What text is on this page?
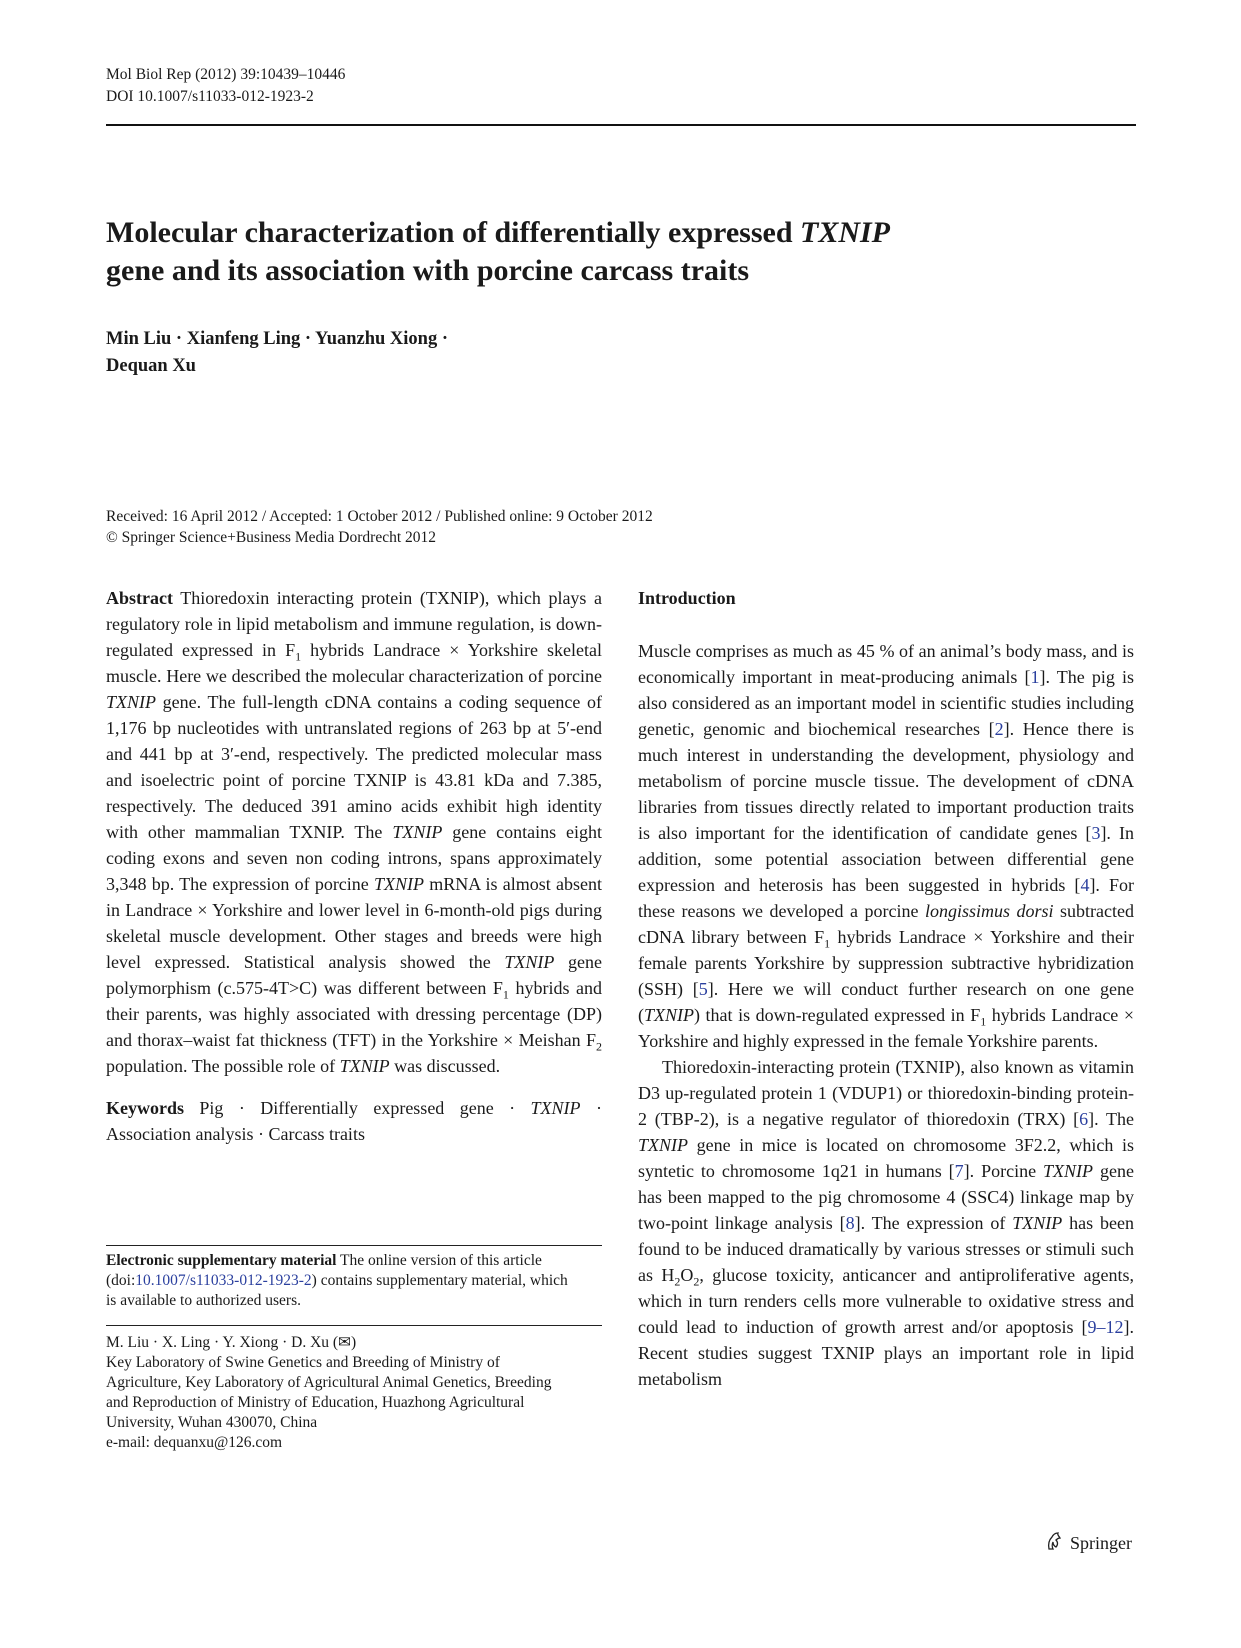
Mol Biol Rep (2012) 39:10439–10446
DOI 10.1007/s11033-012-1923-2
Molecular characterization of differentially expressed TXNIP
gene and its association with porcine carcass traits
Min Liu · Xianfeng Ling · Yuanzhu Xiong ·
Dequan Xu
Received: 16 April 2012 / Accepted: 1 October 2012 / Published online: 9 October 2012
© Springer Science+Business Media Dordrecht 2012

Abstract Thioredoxin interacting protein (TXNIP), which plays a regulatory role in lipid metabolism and immune regulation, is down-regulated expressed in $F_1$ hybrids Landrace × Yorkshire skeletal muscle. Here we described the molecular characterization of porcine TXNIP gene. The full-length cDNA contains a coding sequence of 1,176 bp nucleotides with untranslated regions of 263 bp at 5′-end and 441 bp at 3′-end, respectively. The predicted molecular mass and isoelectric point of porcine TXNIP is 43.81 kDa and 7.385, respectively. The deduced 391 amino acids exhibit high identity with other mammalian TXNIP. The TXNIP gene contains eight coding exons and seven non coding introns, spans approximately 3,348 bp. The expression of porcine TXNIP mRNA is almost absent in Landrace × Yorkshire and lower level in 6-month-old pigs during skeletal muscle development. Other stages and breeds were high level expressed. Statistical analysis showed the TXNIP gene polymorphism (c.575-4T>C) was different between $F_1$ hybrids and their parents, was highly associated with dressing percentage (DP) and thorax–waist fat thickness (TFT) in the Yorkshire × Meishan $F_2$ population. The possible role of TXNIP was discussed.

Keywords Pig · Differentially expressed gene · TXNIP · Association analysis · Carcass traits

Electronic supplementary material The online version of this article (doi:10.1007/s11033-012-1923-2) contains supplementary material, which is available to authorized users.

M. Liu · X. Ling · Y. Xiong · D. Xu (✉)

Key Laboratory of Swine Genetics and Breeding of Ministry of Agriculture, Key Laboratory of Agricultural Animal Genetics, Breeding and Reproduction of Ministry of Education, Huazhong Agricultural University, Wuhan 430070, China

e-mail: dequanxu@126.com

Introduction

Muscle comprises as much as 45 % of an animal’s body mass, and is economically important in meat-producing animals [1]. The pig is also considered as an important model in scientific studies including genetic, genomic and biochemical researches [2]. Hence there is much interest in understanding the development, physiology and metabolism of porcine muscle tissue. The development of cDNA libraries from tissues directly related to important production traits is also important for the identification of candidate genes [3]. In addition, some potential association between differential gene expression and heterosis has been suggested in hybrids [4]. For these reasons we developed a porcine longissimus dorsi subtracted cDNA library between $F_1$ hybrids Landrace × Yorkshire and their female parents Yorkshire by suppression subtractive hybridization (SSH) [5]. Here we will conduct further research on one gene (TXNIP) that is down-regulated expressed in $F_1$ hybrids Landrace × Yorkshire and highly expressed in the female Yorkshire parents.

Thioredoxin-interacting protein (TXNIP), also known as vitamin D3 up-regulated protein 1 (VDUP1) or thioredoxin-binding protein-2 (TBP-2), is a negative regulator of thioredoxin (TRX) [6]. The TXNIP gene in mice is located on chromosome 3F2.2, which is syntetic to chromosome 1q21 in humans [7]. Porcine TXNIP gene has been mapped to the pig chromosome 4 (SSC4) linkage map by two-point linkage analysis [8]. The expression of TXNIP has been found to be induced dramatically by various stresses or stimuli such as $H_2O_2$, glucose toxicity, anticancer and antiproliferative agents, which in turn renders cells more vulnerable to oxidative stress and could lead to induction of growth arrest and/or apoptosis [9–12]. Recent studies suggest TXNIP plays an important role in lipid metabolism

Springer
